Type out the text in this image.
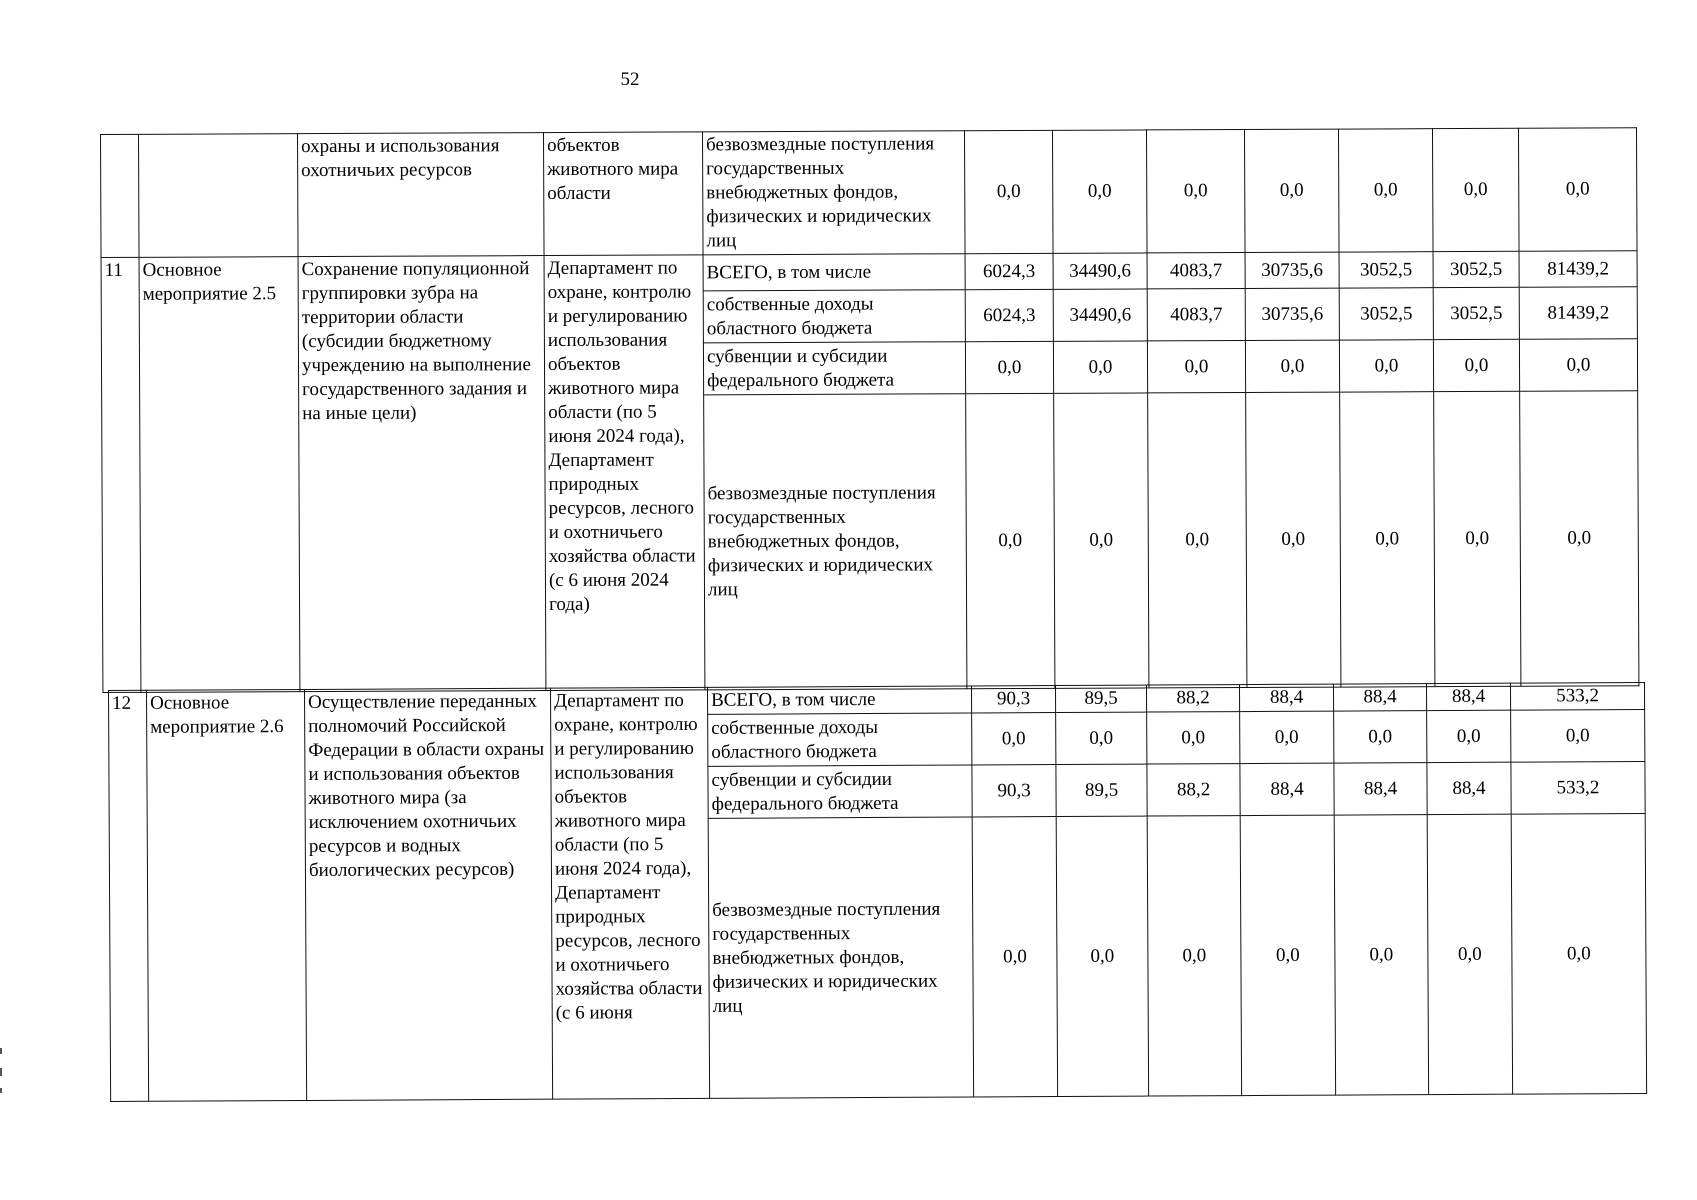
52
		охраны и использования охотничьих ресурсов	объектов животного мира области	безвозмездные поступления государственных внебюджетных фондов, физических и юридических лиц	0,0	0,0	0,0	0,0	0,0	0,0	0,0
11	Основное мероприятие 2.5	Сохранение популяционной группировки зубра на территории области (субсидии бюджетному учреждению на выполнение государственного задания и на иные цели)	Департамент по охране, контролю и регулированию использования объектов животного мира области (по 5 июня 2024 года), Департамент природных ресурсов, лесного и охотничьего хозяйства области (с 6 июня 2024 года)	ВСЕГО, в том числе	6024,3	34490,6	4083,7	30735,6	3052,5	3052,5	81439,2
				собственные доходы областного бюджета	6024,3	34490,6	4083,7	30735,6	3052,5	3052,5	81439,2
				субвенции и субсидии федерального бюджета	0,0	0,0	0,0	0,0	0,0	0,0	0,0
				безвозмездные поступления государственных внебюджетных фондов, физических и юридических лиц	0,0	0,0	0,0	0,0	0,0	0,0	0,0
12	Основное мероприятие 2.6	Осуществление переданных полномочий Российской Федерации в области охраны и использования объектов животного мира (за исключением охотничьих ресурсов и водных биологических ресурсов)	Департамент по охране, контролю и регулированию использования объектов животного мира области (по 5 июня 2024 года), Департамент природных ресурсов, лесного и охотничьего хозяйства области (с 6 июня	ВСЕГО, в том числе	90,3	89,5	88,2	88,4	88,4	88,4	533,2
				собственные доходы областного бюджета	0,0	0,0	0,0	0,0	0,0	0,0	0,0
				субвенции и субсидии федерального бюджета	90,3	89,5	88,2	88,4	88,4	88,4	533,2
				безвозмездные поступления государственных внебюджетных фондов, физических и юридических лиц	0,0	0,0	0,0	0,0	0,0	0,0	0,0
